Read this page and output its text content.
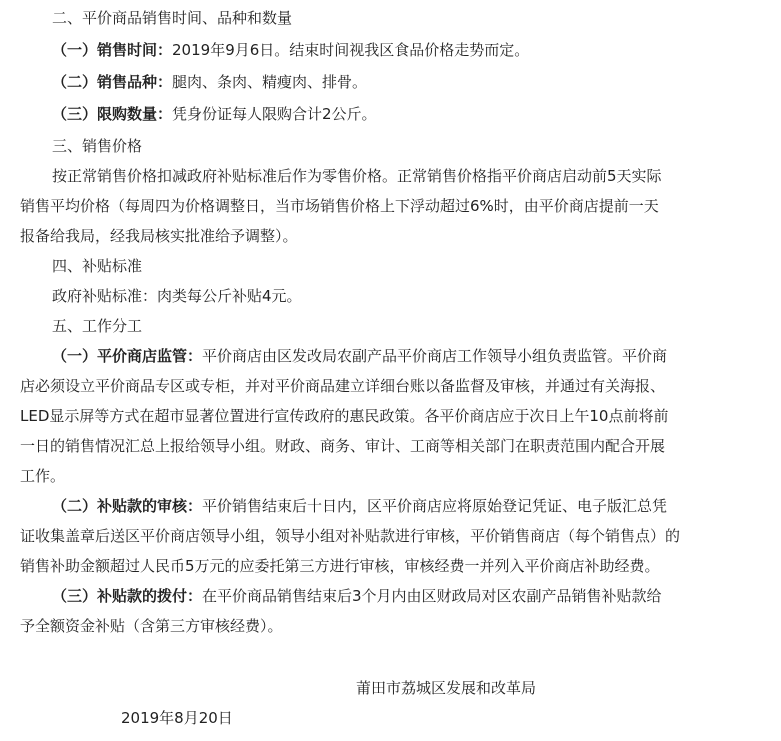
二、平价商品销售时间、品种和数量
（一）销售时间：2019年9月6日。结束时间视我区食品价格走势而定。
（二）销售品种：腿肉、条肉、精瘦肉、排骨。
（三）限购数量：凭身份证每人限购合计2公斤。
三、销售价格
按正常销售价格扣减政府补贴标准后作为零售价格。正常销售价格指平价商店启动前5天实际
销售平均价格（每周四为价格调整日，当市场销售价格上下浮动超过6%时，由平价商店提前一天
报备给我局，经我局核实批准给予调整）。
四、补贴标准
政府补贴标准：肉类每公斤补贴4元。
五、工作分工
（一）平价商店监管：平价商店由区发改局农副产品平价商店工作领导小组负责监管。平价商
店必须设立平价商品专区或专柜，并对平价商品建立详细台账以备监督及审核，并通过有关海报、
LED显示屏等方式在超市显著位置进行宣传政府的惠民政策。各平价商店应于次日上午10点前将前
一日的销售情况汇总上报给领导小组。财政、商务、审计、工商等相关部门在职责范围内配合开展
工作。
（二）补贴款的审核：平价销售结束后十日内，区平价商店应将原始登记凭证、电子版汇总凭
证收集盖章后送区平价商店领导小组，领导小组对补贴款进行审核，平价销售商店（每个销售点）的
销售补助金额超过人民币5万元的应委托第三方进行审核，审核经费一并列入平价商店补助经费。
（三）补贴款的拨付：在平价商品销售结束后3个月内由区财政局对区农副产品销售补贴款给
予全额资金补贴（含第三方审核经费）。
莆田市荔城区发展和改革局
2019年8月20日
